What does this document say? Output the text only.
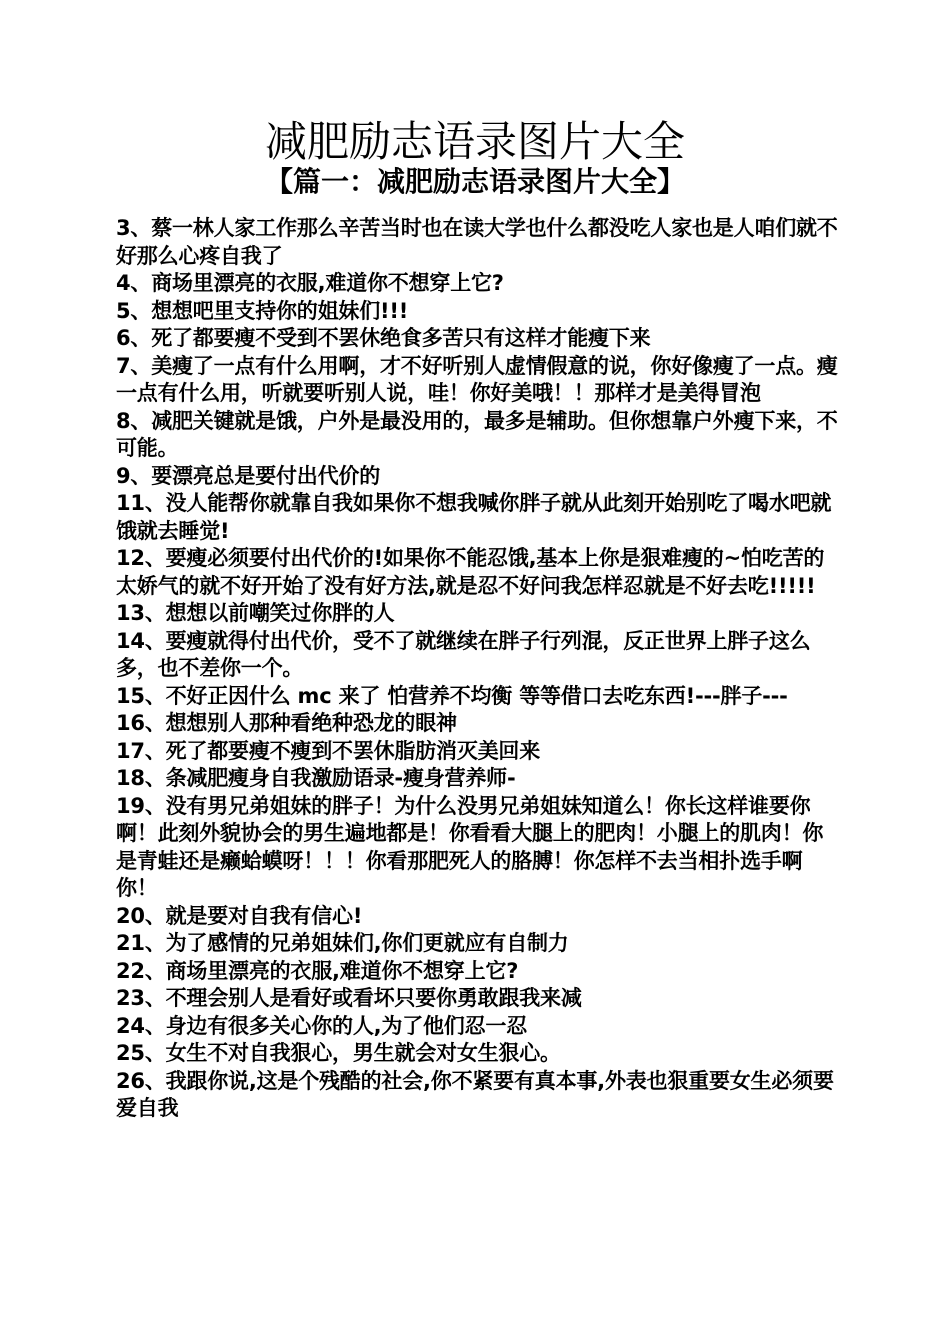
减肥励志语录图片大全
【篇一：减肥励志语录图片大全】
3、蔡一林人家工作那么辛苦当时也在读大学也什么都没吃人家也是人咱们就不好那么心疼自我了
4、商场里漂亮的衣服,难道你不想穿上它?
5、想想吧里支持你的姐妹们!!!
6、死了都要瘦不受到不罢休绝食多苦只有这样才能瘦下来
7、美瘦了一点有什么用啊，才不好听别人虚情假意的说，你好像瘦了一点。瘦一点有什么用，听就要听别人说，哇！你好美哦！！那样才是美得冒泡
8、减肥关键就是饿，户外是最没用的，最多是辅助。但你想靠户外瘦下来，不可能。
9、要漂亮总是要付出代价的
11、没人能帮你就靠自我如果你不想我喊你胖子就从此刻开始别吃了喝水吧就饿就去睡觉!
12、要瘦必须要付出代价的!如果你不能忍饿,基本上你是狠难瘦的~怕吃苦的太娇气的就不好开始了没有好方法,就是忍不好问我怎样忍就是不好去吃!!!!!
13、想想以前嘲笑过你胖的人
14、要瘦就得付出代价，受不了就继续在胖子行列混，反正世界上胖子这么多，也不差你一个。
15、不好正因什么 mc 来了 怕营养不均衡 等等借口去吃东西!---胖子---
16、想想别人那种看绝种恐龙的眼神
17、死了都要瘦不瘦到不罢休脂肪消灭美回来
18、条减肥瘦身自我激励语录-瘦身营养师-
19、没有男兄弟姐妹的胖子！为什么没男兄弟姐妹知道么！你长这样谁要你啊！此刻外貌协会的男生遍地都是！你看看大腿上的肥肉！小腿上的肌肉！你是青蛙还是癞蛤蟆呀！！！你看那肥死人的胳膊！你怎样不去当相扑选手啊你！
20、就是要对自我有信心!
21、为了感情的兄弟姐妹们,你们更就应有自制力
22、商场里漂亮的衣服,难道你不想穿上它?
23、不理会别人是看好或看坏只要你勇敢跟我来减
24、身边有很多关心你的人,为了他们忍一忍
25、女生不对自我狠心，男生就会对女生狠心。
26、我跟你说,这是个残酷的社会,你不紧要有真本事,外表也狠重要女生必须要爱自我
